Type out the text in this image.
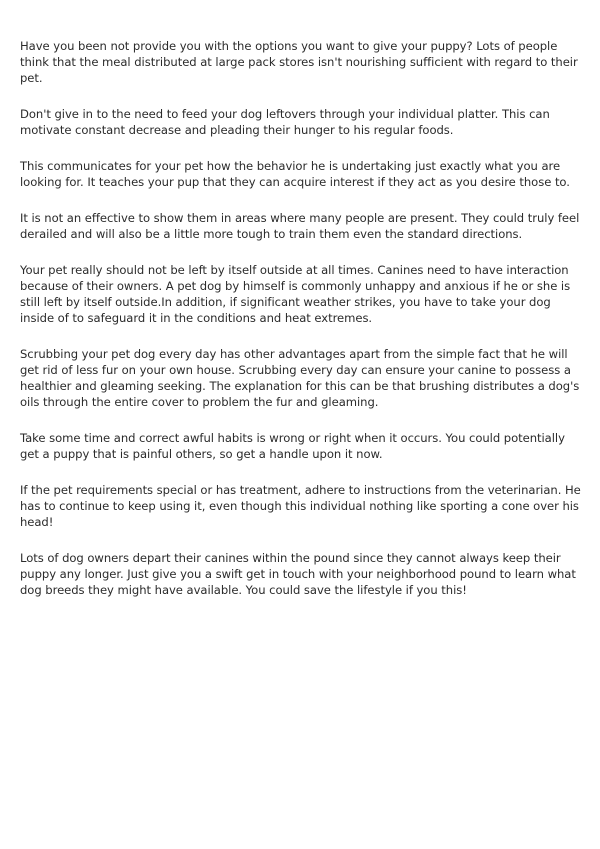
Have you been not provide you with the options you want to give your puppy? Lots of people think that the meal distributed at large pack stores isn't nourishing sufficient with regard to their pet.

Don't give in to the need to feed your dog leftovers through your individual platter. This can motivate constant decrease and pleading their hunger to his regular foods.

This communicates for your pet how the behavior he is undertaking just exactly what you are looking for. It teaches your pup that they can acquire interest if they act as you desire those to.

It is not an effective to show them in areas where many people are present. They could truly feel derailed and will also be a little more tough to train them even the standard directions.

Your pet really should not be left by itself outside at all times. Canines need to have interaction because of their owners. A pet dog by himself is commonly unhappy and anxious if he or she is still left by itself outside.In addition, if significant weather strikes, you have to take your dog inside of to safeguard it in the conditions and heat extremes.

Scrubbing your pet dog every day has other advantages apart from the simple fact that he will get rid of less fur on your own house. Scrubbing every day can ensure your canine to possess a healthier and gleaming seeking. The explanation for this can be that brushing distributes a dog's oils through the entire cover to problem the fur and gleaming.

Take some time and correct awful habits is wrong or right when it occurs. You could potentially get a puppy that is painful others, so get a handle upon it now.

If the pet requirements special or has treatment, adhere to instructions from the veterinarian. He has to continue to keep using it, even though this individual nothing like sporting a cone over his head!

Lots of dog owners depart their canines within the pound since they cannot always keep their puppy any longer. Just give you a swift get in touch with your neighborhood pound to learn what dog breeds they might have available. You could save the lifestyle if you this!
